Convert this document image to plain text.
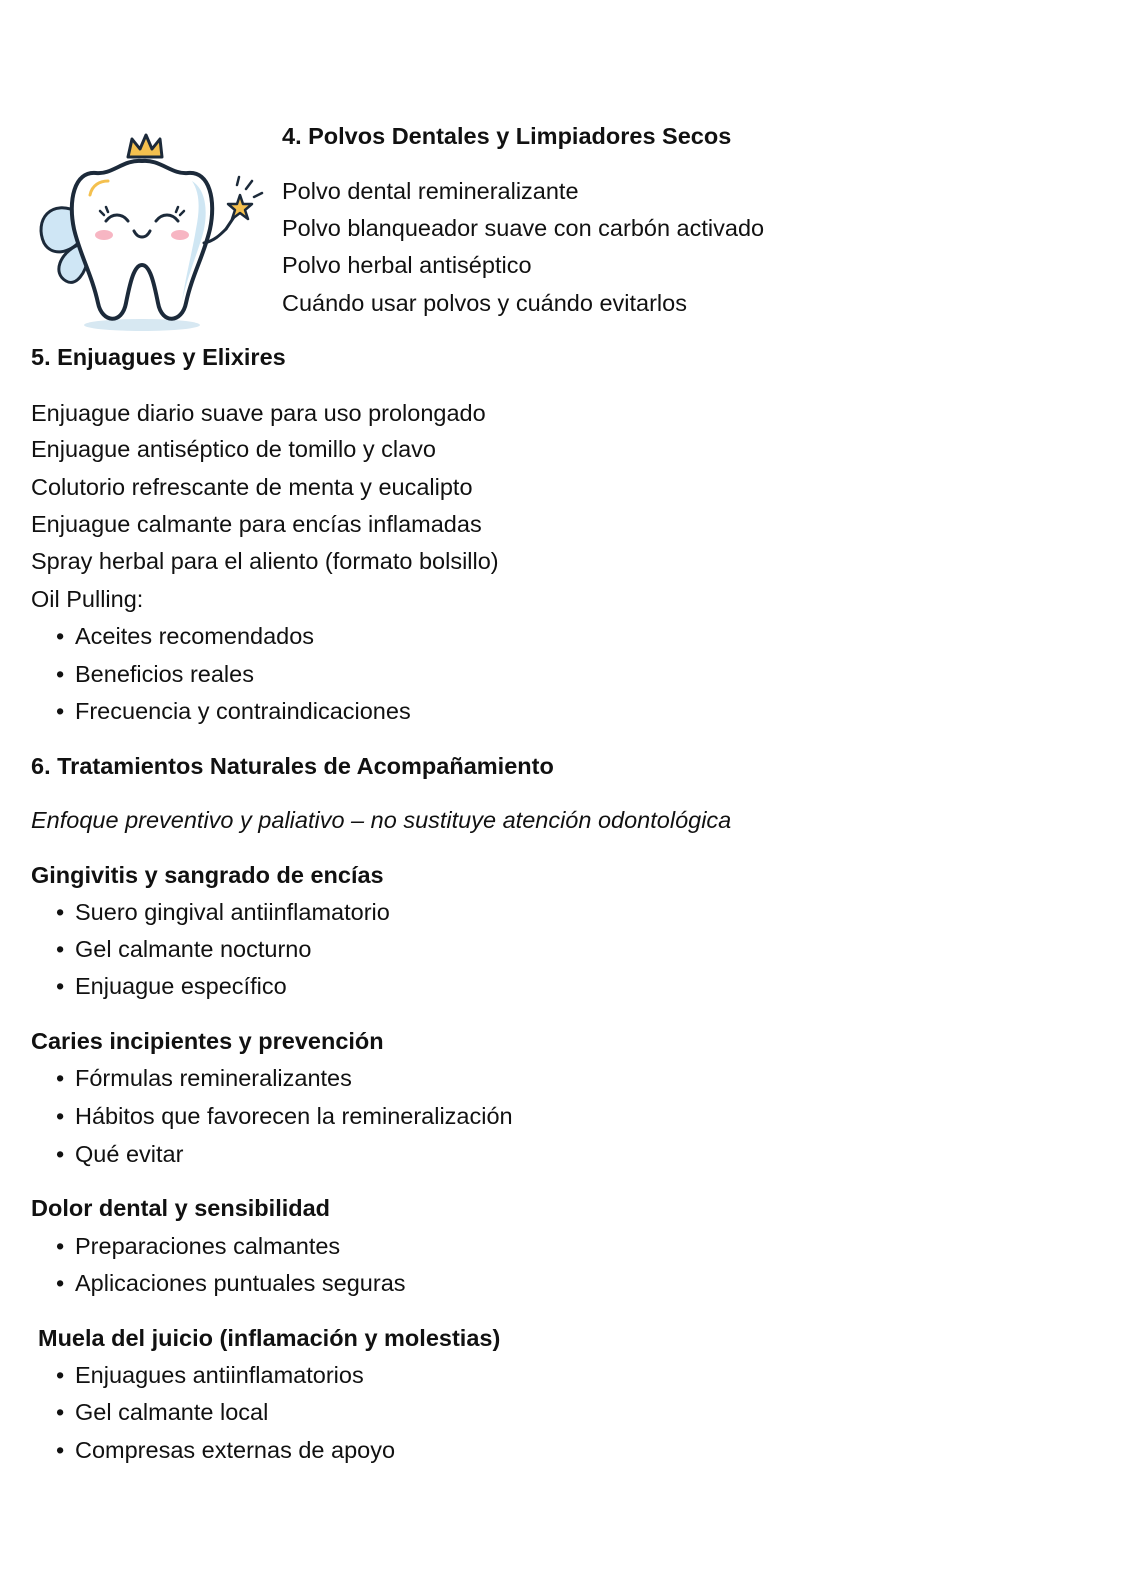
4. Polvos Dentales y Limpiadores Secos
Polvo dental remineralizante
Polvo blanqueador suave con carbón activado
Polvo herbal antiséptico
Cuándo usar polvos y cuándo evitarlos
5. Enjuagues y Elixires
Enjuague diario suave para uso prolongado
Enjuague antiséptico de tomillo y clavo
Colutorio refrescante de menta y eucalipto
Enjuague calmante para encías inflamadas
Spray herbal para el aliento (formato bolsillo)
Oil Pulling:
• Aceites recomendados
• Beneficios reales
• Frecuencia y contraindicaciones
6. Tratamientos Naturales de Acompañamiento
Enfoque preventivo y paliativo – no sustituye atención odontológica
Gingivitis y sangrado de encías
• Suero gingival antiinflamatorio
• Gel calmante nocturno
• Enjuague específico
Caries incipientes y prevención
• Fórmulas remineralizantes
• Hábitos que favorecen la remineralización
• Qué evitar
Dolor dental y sensibilidad
• Preparaciones calmantes
• Aplicaciones puntuales seguras
Muela del juicio (inflamación y molestias)
• Enjuagues antiinflamatorios
• Gel calmante local
• Compresas externas de apoyo
